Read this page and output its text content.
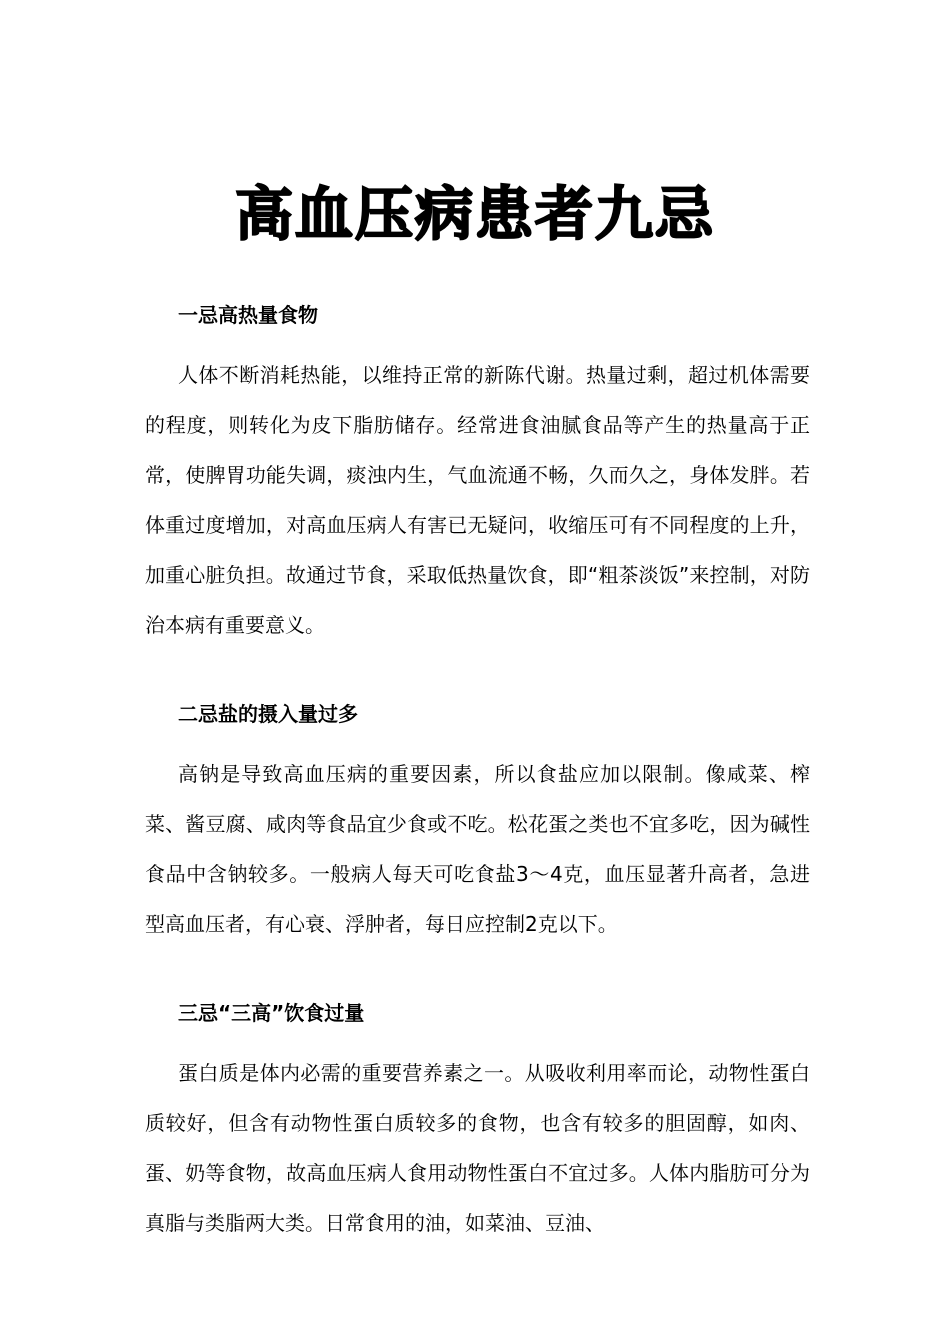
高血压病患者九忌

一忌高热量食物

人体不断消耗热能，以维持正常的新陈代谢。热量过剩，超过机体需要的程度，则转化为皮下脂肪储存。经常进食油腻食品等产生的热量高于正常，使脾胃功能失调，痰浊内生，气血流通不畅，久而久之，身体发胖。若体重过度增加，对高血压病人有害已无疑问，收缩压可有不同程度的上升，加重心脏负担。故通过节食，采取低热量饮食，即“粗茶淡饭”来控制，对防治本病有重要意义。

二忌盐的摄入量过多

高钠是导致高血压病的重要因素，所以食盐应加以限制。像咸菜、榨菜、酱豆腐、咸肉等食品宜少食或不吃。松花蛋之类也不宜多吃，因为碱性食品中含钠较多。一般病人每天可吃食盐3～4克，血压显著升高者，急进型高血压者，有心衰、浮肿者，每日应控制2克以下。

三忌“三高”饮食过量

蛋白质是体内必需的重要营养素之一。从吸收利用率而论，动物性蛋白质较好，但含有动物性蛋白质较多的食物，也含有较多的胆固醇，如肉、蛋、奶等食物，故高血压病人食用动物性蛋白不宜过多。人体内脂肪可分为真脂与类脂两大类。日常食用的油，如菜油、豆油、
